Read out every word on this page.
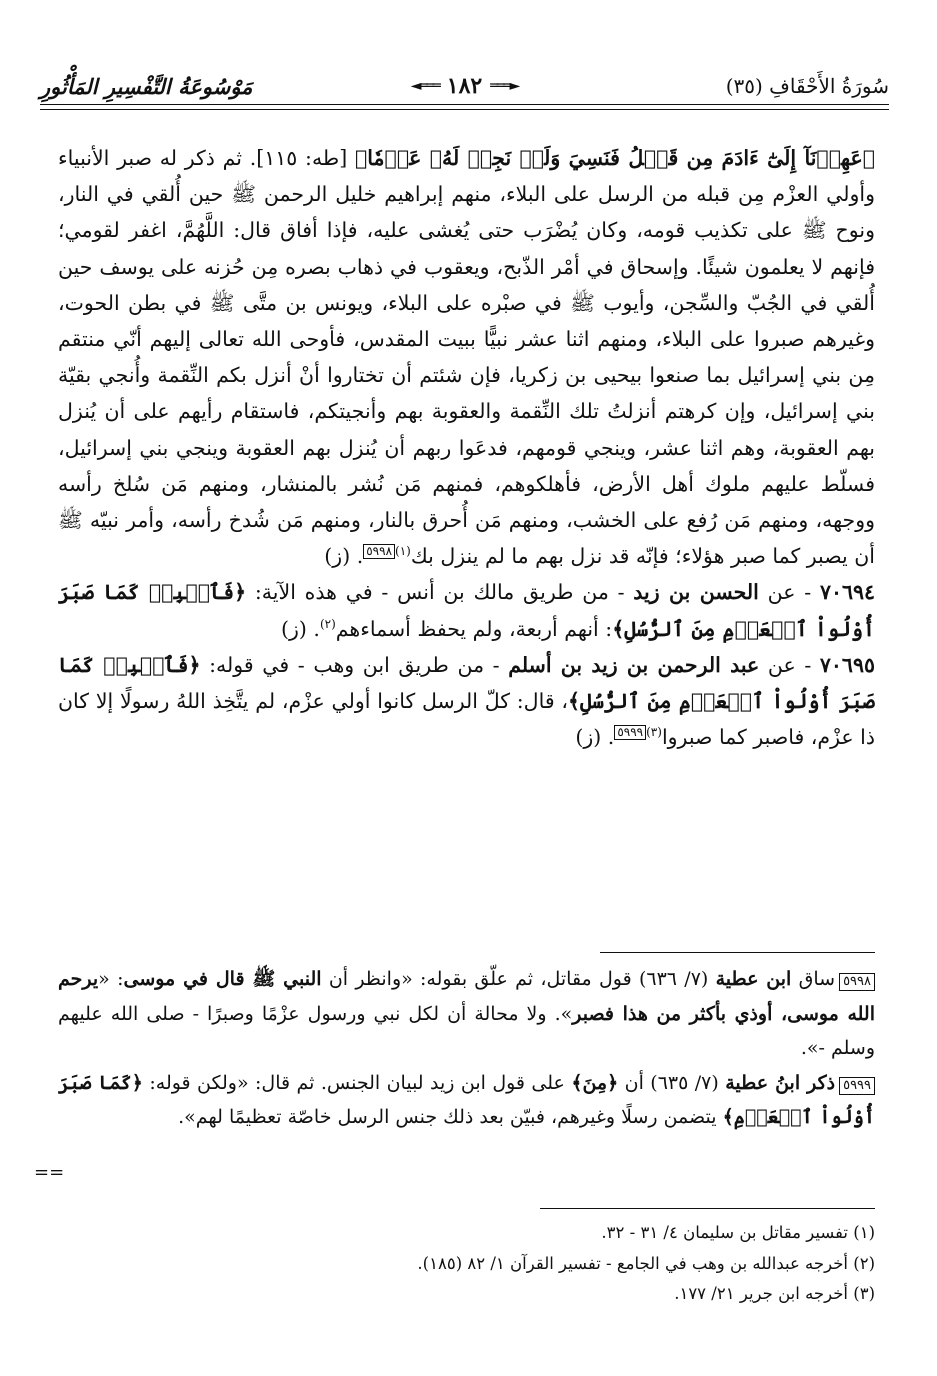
مَوْسُوعَةُ التَّفْسِيرِ المَأْثُورِ	◄═══ ١٨٢ ═══►	سُورَةُ الأَحْقَافِ (٣٥)

﴿عَهِدۡنَآ إِلَىٰٓ ءَادَمَ مِن قَبۡلُ فَنَسِيَ وَلَمۡ نَجِدۡ لَهُۥ عَزۡمٗا﴾ [طه: ١١٥]. ثم ذكر له صبر الأنبياء وأولي العزْم مِن قبله من الرسل على البلاء، منهم إبراهيم خليل الرحمن ﷺ حين أُلقي في النار، ونوح ﷺ على تكذيب قومه، وكان يُضْرَب حتى يُغشى عليه، فإذا أفاق قال: اللَّهُمَّ، اغفر لقومي؛ فإنهم لا يعلمون شيئًا. وإسحاق في أمْر الذّبح، ويعقوب في ذهاب بصره مِن حُزنه على يوسف حين أُلقي في الجُبّ والسِّجن، وأيوب ﷺ في صبْره على البلاء، ويونس بن متَّى ﷺ في بطن الحوت، وغيرهم صبروا على البلاء، ومنهم اثنا عشر نبيًّا ببيت المقدس، فأوحى الله تعالى إليهم أنّي منتقم مِن بني إسرائيل بما صنعوا بيحيى بن زكريا، فإن شئتم أن تختاروا أنْ أنزل بكم النِّقمة وأُنجي بقيّة بني إسرائيل، وإن كرهتم أنزلتُ تلك النِّقمة والعقوبة بهم وأنجيتكم، فاستقام رأيهم على أن يُنزل بهم العقوبة، وهم اثنا عشر، وينجي قومهم، فدعَوا ربهم أن يُنزل بهم العقوبة وينجي بني إسرائيل، فسلّط عليهم ملوك أهل الأرض، فأهلكوهم، فمنهم مَن نُشر بالمنشار، ومنهم مَن سُلخ رأسه ووجهه، ومنهم مَن رُفع على الخشب، ومنهم مَن أُحرق بالنار، ومنهم مَن شُدخ رأسه، وأمر نبيّه ﷺ أن يصبر كما صبر هؤلاء؛ فإنّه قد نزل بهم ما لم ينزل بك$^{(١)}$٥٩٩٨. (ز)

٧٠٦٩٤ - عن الحسن بن زيد - من طريق مالك بن أنس - في هذه الآية: ﴿فَٱصۡبِرۡ كَمَا صَبَرَ أُوْلُواْ ٱلۡعَزۡمِ مِنَ ٱلرُّسُلِ﴾: أنهم أربعة، ولم يحفظ أسماءهم$^{(٢)}$. (ز)

٧٠٦٩٥ - عن عبد الرحمن بن زيد بن أسلم - من طريق ابن وهب - في قوله: ﴿فَٱصۡبِرۡ كَمَا صَبَرَ أُوْلُواْ ٱلۡعَزۡمِ مِنَ ٱلرُّسُلِ﴾، قال: كلّ الرسل كانوا أولي عزْم، لم يتَّخِذ اللهُ رسولًا إلا كان ذا عزْم، فاصبر كما صبروا$^{(٣)}$٥٩٩٩. (ز)

٥٩٩٨ساق ابن عطية (٧/ ٦٣٦) قول مقاتل، ثم علّق بقوله: «وانظر أن النبي ﷺ قال في موسى: «يرحم الله موسى، أوذي بأكثر من هذا فصبر». ولا محالة أن لكل نبي ورسول عزْمًا وصبرًا - صلى الله عليهم وسلم -».

٥٩٩٩ذكر ابنُ عطية (٧/ ٦٣٥) أن ﴿مِنَ﴾ على قول ابن زيد لبيان الجنس. ثم قال: «ولكن قوله: ﴿كَمَا صَبَرَ أُوْلُواْ ٱلۡعَزۡمِ﴾ يتضمن رسلًا وغيرهم، فبيّن بعد ذلك جنس الرسل خاصّة تعظيمًا لهم».

==

(١) تفسير مقاتل بن سليمان ٤/ ٣١ - ٣٢.

(٢) أخرجه عبدالله بن وهب في الجامع - تفسير القرآن ١/ ٨٢ (١٨٥).

(٣) أخرجه ابن جرير ٢١/ ١٧٧.
